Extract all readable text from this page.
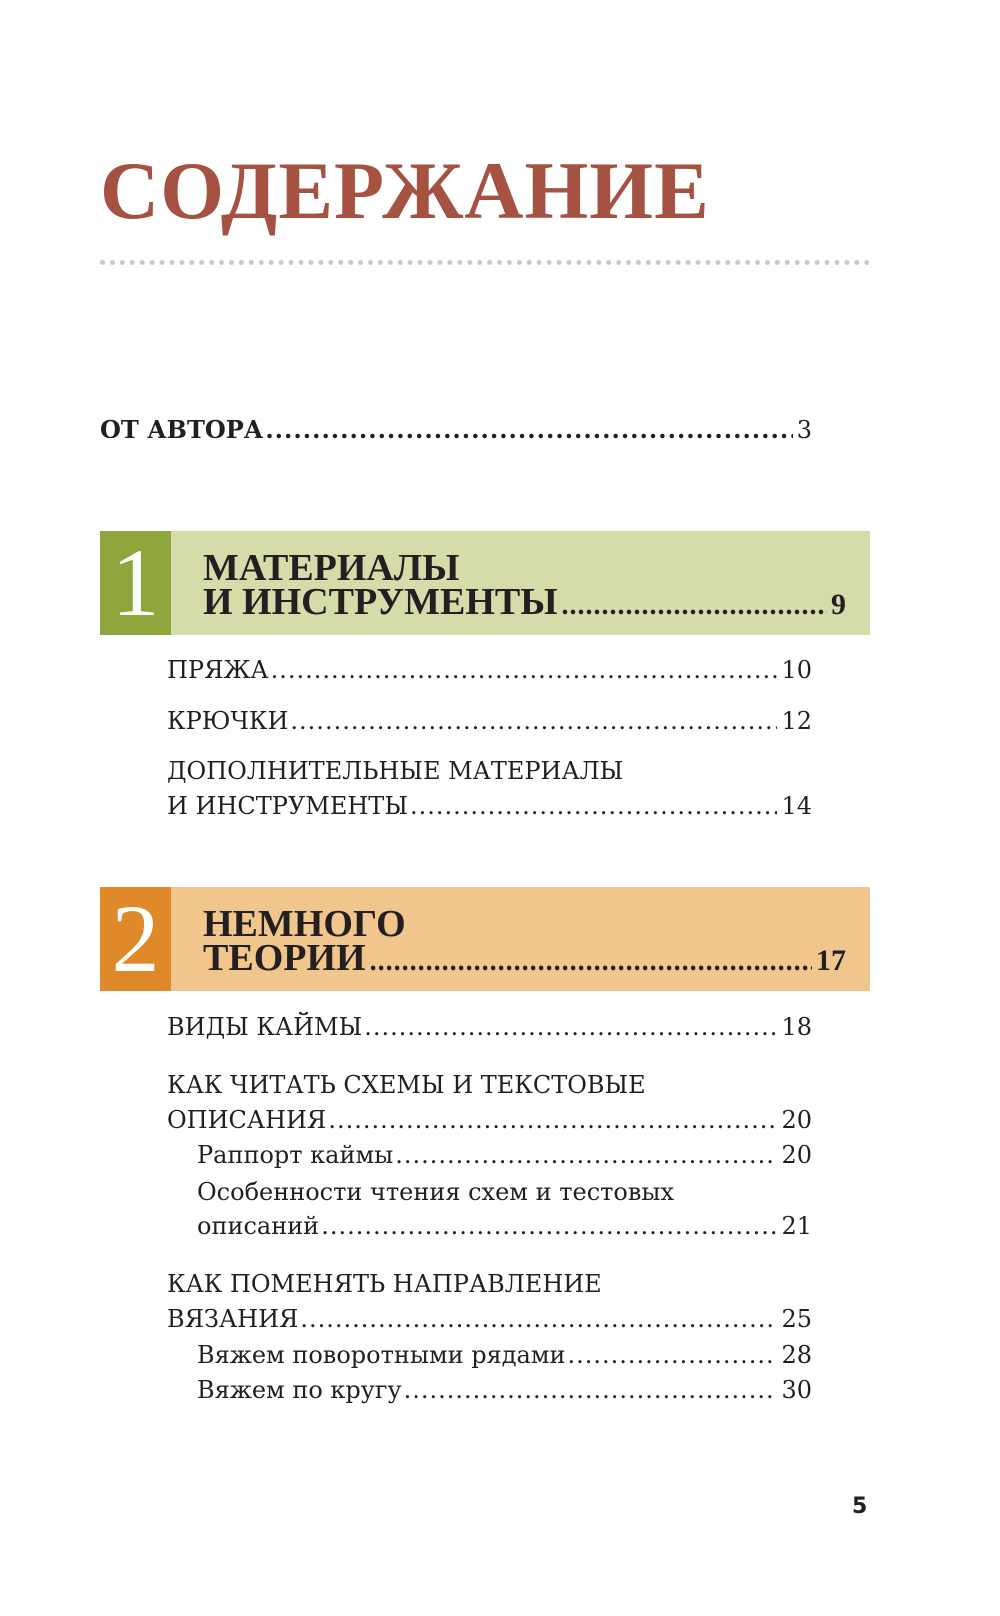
СОДЕРЖАНИЕ
ОТ АВТОРА .....	3
1	МАТЕРИАЛЫ
И ИНСТРУМЕНТЫ .....	9
ПРЯЖА .....	10
КРЮЧКИ .....	12
ДОПОЛНИТЕЛЬНЫЕ МАТЕРИАЛЫ
И ИНСТРУМЕНТЫ .....	14
2	НЕМНОГО
ТЕОРИИ .....	17
ВИДЫ КАЙМЫ .....	18
КАК ЧИТАТЬ СХЕМЫ И ТЕКСТОВЫЕ
ОПИСАНИЯ .....	20
Раппорт каймы .....	20
Особенности чтения схем и тестовых
описаний .....	21
КАК ПОМЕНЯТЬ НАПРАВЛЕНИЕ
ВЯЗАНИЯ .....	25
Вяжем поворотными рядами .....	28
Вяжем по кругу .....	30
5
